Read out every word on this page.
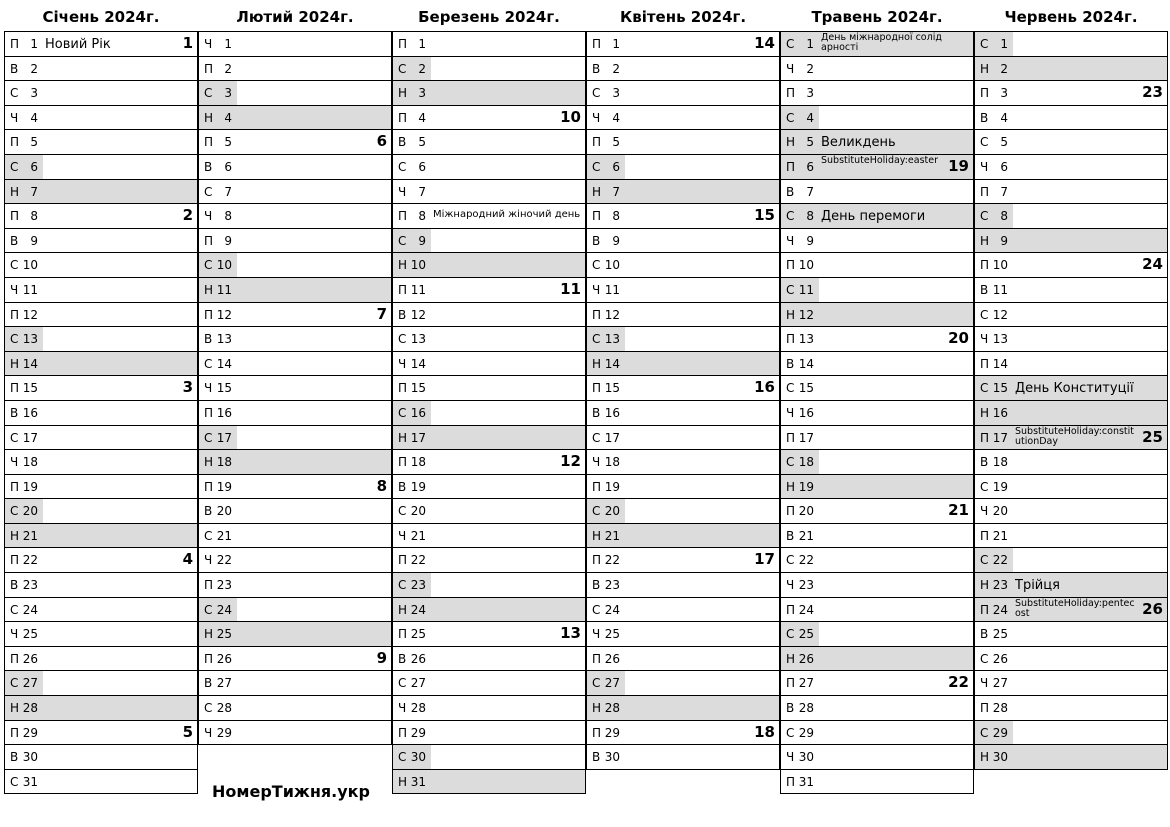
Січень 2024г.
П 1 Новий Рік	1
В	2
С 3
Ч	4
П 5
С 6
Н 7
П 8	2
В	9
С 10
Ч 11
П 12
С 13
Н 14
П 15	3
В 16
С 17
Ч 18
П 19
С 20
Н 21
П 22	4
В 23
С 24
Ч 25
П 26
С 27
Н 28
П 29	5
В 30
С 31
Лютий 2024г.
Ч	1
П 2
С 3
Н 4
П 5	6
В	6
С 7
Ч	8
П 9
С 10
Н 11
П 12	7
В 13
С 14
Ч 15
П 16
С 17
Н 18
П 19	8
В 20
С 21
Ч 22
П 23
С 24
Н 25
П 26	9
В 27
С 28
Ч 29
Березень 2024г.
П 1
С 2
Н 3
П 4	10
В	5
С 6
Ч	7
П 8 Міжнародний жіночий день
С 9
Н 10
П 11	11
В 12
С 13
Ч 14
П 15
С 16
Н 17
П 18	12
В 19
С 20
Ч 21
П 22
С 23
Н 24
П 25	13
В 26
С 27
Ч 28
П 29
С 30
Н 31
Квітень 2024г.
П 1	14
В	2
С 3
Ч	4
П 5
С 6
Н 7
П 8	15
В	9
С 10
Ч 11
П 12
С 13
Н 14
П 15	16
В 16
С 17
Ч 18
П 19
С 20
Н 21
П 22	17
В 23
С 24
Ч 25
П 26
С 27
Н 28
П 29	18
В 30
Травень 2024г.
С 1 День міжнародної солідарності
Ч	2
П 3
С 4
Н 5 Великдень
П 6 SubstituteHoliday:easter 19
В	7
С 8 День перемоги
Ч	9
П 10
С 11
Н 12
П 13	20
В 14
С 15
Ч 16
П 17
С 18
Н 19
П 20	21
В 21
С 22
Ч 23
П 24
С 25
Н 26
П 27	22
В 28
С 29
Ч 30
П 31
Червень 2024г.
С 1
Н 2
П 3	23
В	4
С 5
Ч	6
П 7
С 8
Н 9
П 10	24
В 11
С 12
Ч 13
П 14
С 15 День Конституції
Н 16
П 17 SubstituteHoliday:constitutionDay	25
В 18
С 19
Ч 20
П 21
С 22
Н 23 Трійця
П 24 SubstituteHoliday:pentecost	26
В 25
С 26
Ч 27
П 28
С 29
Н 30
НомерТижня.укр
